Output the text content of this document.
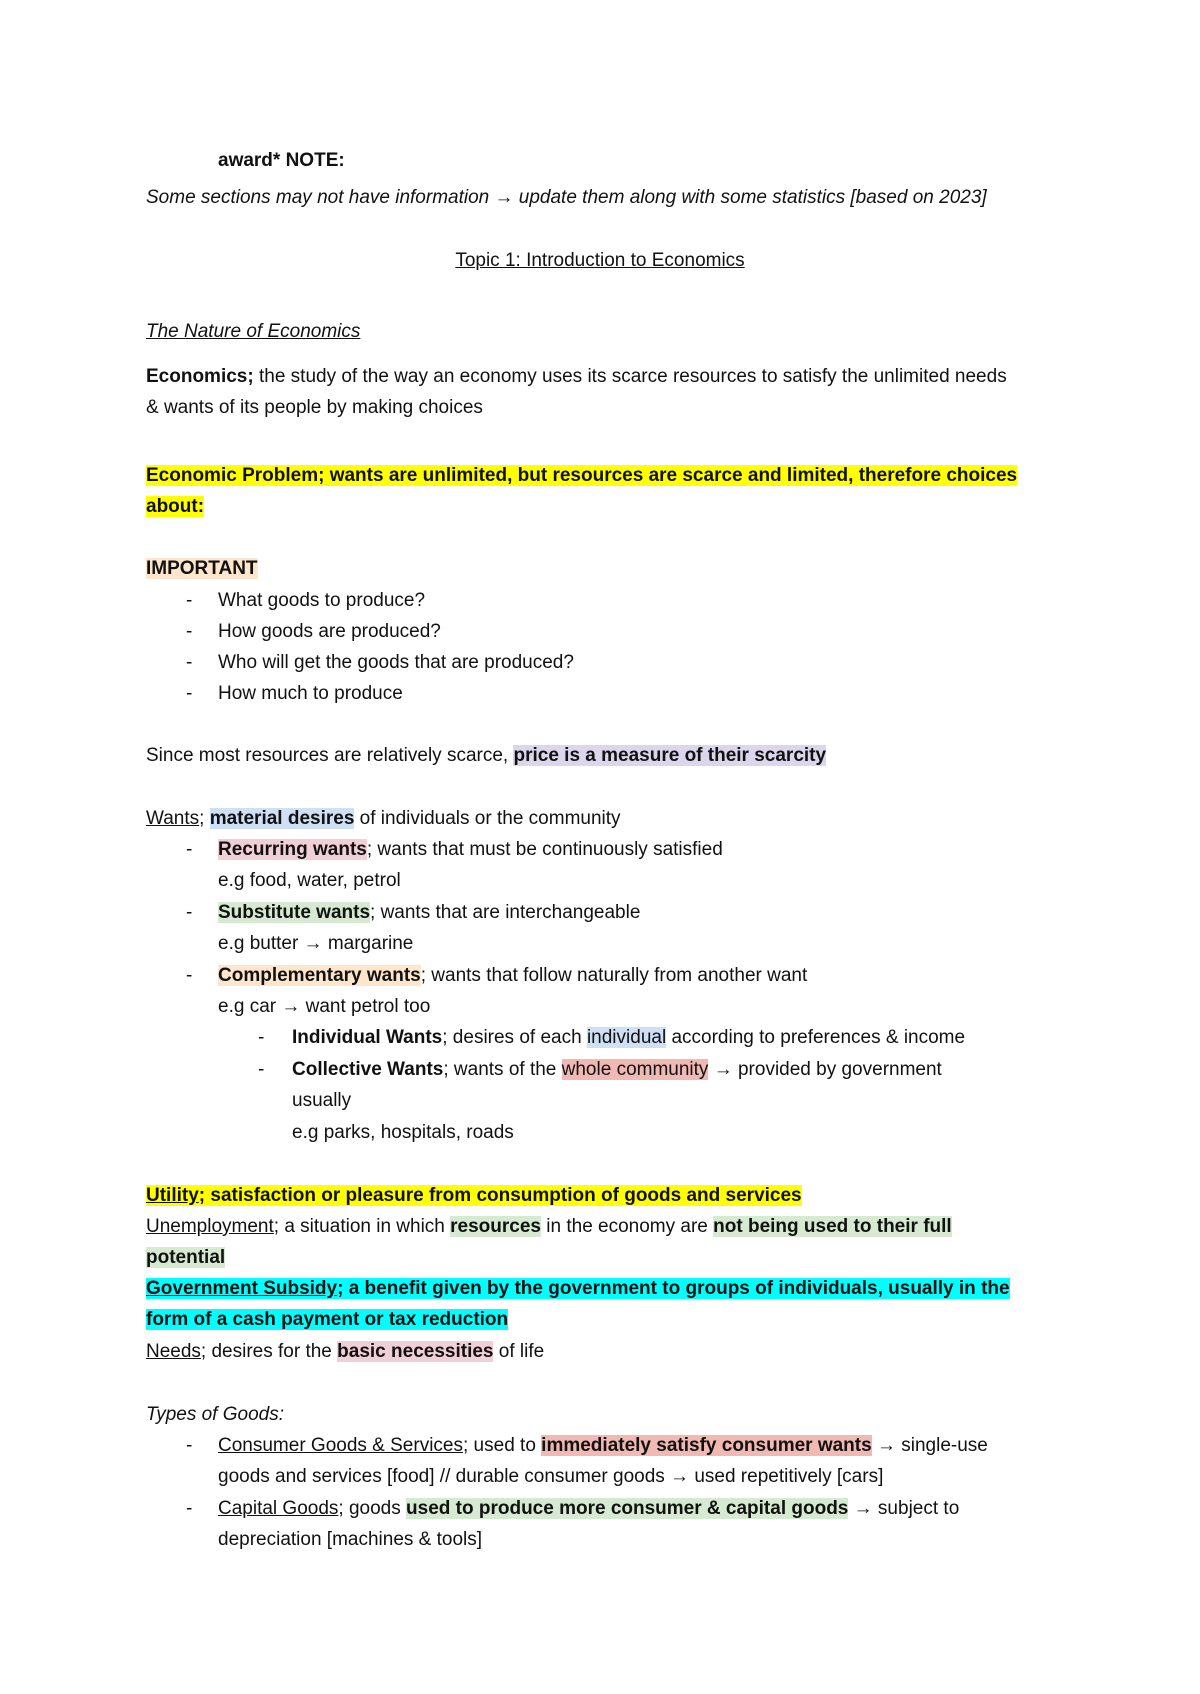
award* NOTE:
Some sections may not have information → update them along with some statistics [based on 2023]
Topic 1: Introduction to Economics
The Nature of Economics
Economics; the study of the way an economy uses its scarce resources to satisfy the unlimited needs
& wants of its people by making choices
Economic Problem; wants are unlimited, but resources are scarce and limited, therefore choices
about:
IMPORTANT
- What goods to produce?
- How goods are produced?
- Who will get the goods that are produced?
- How much to produce
Since most resources are relatively scarce, price is a measure of their scarcity
Wants; material desires of individuals or the community
- Recurring wants; wants that must be continuously satisfied
e.g food, water, petrol
- Substitute wants; wants that are interchangeable
e.g butter → margarine
- Complementary wants; wants that follow naturally from another want
e.g car → want petrol too
- Individual Wants; desires of each individual according to preferences & income
- Collective Wants; wants of the whole community → provided by government
usually
e.g parks, hospitals, roads
Utility; satisfaction or pleasure from consumption of goods and services
Unemployment; a situation in which resources in the economy are not being used to their full
potential
Government Subsidy; a benefit given by the government to groups of individuals, usually in the
form of a cash payment or tax reduction
Needs; desires for the basic necessities of life
Types of Goods:
- Consumer Goods & Services; used to immediately satisfy consumer wants → single-use
goods and services [food] // durable consumer goods → used repetitively [cars]
- Capital Goods; goods used to produce more consumer & capital goods → subject to
depreciation [machines & tools]
